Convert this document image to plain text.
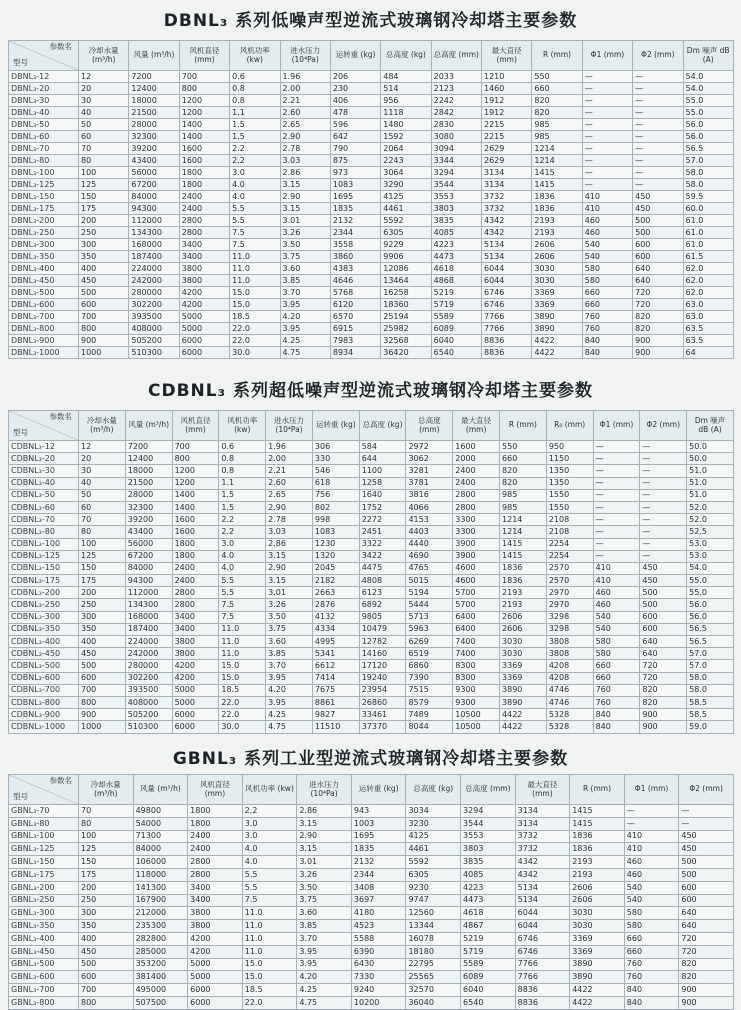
DBNL₃ 系列低噪声型逆流式玻璃钢冷却塔主要参数
参数名
型号	冷却水量 (m³/h)	风量 (m³/h)	风机直径 (mm)	风机功率 (kw)	进水压力 (10⁴Pa)	运转重 (kg)	总高度 (kg)	总高度 (mm)	最大直径 (mm)	R (mm)	Φ1 (mm)	Φ2 (mm)	Dm 噪声 dB (A)
DBNL₃-12	12	7200	700	0.6	1.96	206	484	2033	1210	550	—	—	54.0
DBNL₃-20	20	12400	800	0.8	2.00	230	514	2123	1460	660	—	—	54.0
DBNL₃-30	30	18000	1200	0.8	2.21	406	956	2242	1912	820	—	—	55.0
DBNL₃-40	40	21500	1200	1.1	2.60	478	1118	2842	1912	820	—	—	55.0
DBNL₃-50	50	28000	1400	1.5	2.65	596	1480	2830	2215	985	—	—	56.0
DBNL₃-60	60	32300	1400	1.5	2.90	642	1592	3080	2215	985	—	—	56.0
DBNL₃-70	70	39200	1600	2.2	2.78	790	2064	3094	2629	1214	—	—	56.5
DBNL₃-80	80	43400	1600	2.2	3.03	875	2243	3344	2629	1214	—	—	57.0
DBNL₃-100	100	56000	1800	3.0	2.86	973	3064	3294	3134	1415	—	—	58.0
DBNL₃-125	125	67200	1800	4.0	3.15	1083	3290	3544	3134	1415	—	—	58.0
DBNL₃-150	150	84000	2400	4.0	2.90	1695	4125	3553	3732	1836	410	450	59.5
DBNL₃-175	175	94300	2400	5.5	3.15	1835	4461	3803	3732	1836	410	450	60.0
DBNL₃-200	200	112000	2800	5.5	3.01	2132	5592	3835	4342	2193	460	500	61.0
DBNL₃-250	250	134300	2800	7.5	3.26	2344	6305	4085	4342	2193	460	500	61.0
DBNL₃-300	300	168000	3400	7.5	3.50	3558	9229	4223	5134	2606	540	600	61.0
DBNL₃-350	350	187400	3400	11.0	3.75	3860	9906	4473	5134	2606	540	600	61.5
DBNL₃-400	400	224000	3800	11.0	3.60	4383	12086	4618	6044	3030	580	640	62.0
DBNL₃-450	450	242000	3800	11.0	3.85	4646	13464	4868	6044	3030	580	640	62.0
DBNL₃-500	500	280000	4200	15.0	3.70	5768	16258	5219	6746	3369	660	720	62.0
DBNL₃-600	600	302200	4200	15.0	3.95	6120	18360	5719	6746	3369	660	720	63.0
DBNL₃-700	700	393500	5000	18.5	4.20	6570	25194	5589	7766	3890	760	820	63.0
DBNL₃-800	800	408000	5000	22.0	3.95	6915	25982	6089	7766	3890	760	820	63.5
DBNL₃-900	900	505200	6000	22.0	4.25	7983	32568	6040	8836	4422	840	900	63.5
DBNL₃-1000	1000	510300	6000	30.0	4.75	8934	36420	6540	8836	4422	840	900	64
CDBNL₃ 系列超低噪声型逆流式玻璃钢冷却塔主要参数
参数名
型号	冷却水量 (m³/h)	风量 (m³/h)	风机直径 (mm)	风机功率 (kw)	进水压力 (10⁴Pa)	运转重 (kg)	总高度 (kg)	总高度 (mm)	最大直径 (mm)	R (mm)	R₀ (mm)	Φ1 (mm)	Φ2 (mm)	Dm 噪声 dB (A)
CDBNL₃-12	12	7200	700	0.6	1.96	306	584	2972	1600	550	950	—	—	50.0
CDBNL₃-20	20	12400	800	0.8	2.00	330	644	3062	2000	660	1150	—	—	50.0
CDBNL₃-30	30	18000	1200	0.8	2.21	546	1100	3281	2400	820	1350	—	—	51.0
CDBNL₃-40	40	21500	1200	1.1	2.60	618	1258	3781	2400	820	1350	—	—	51.0
CDBNL₃-50	50	28000	1400	1.5	2.65	756	1640	3816	2800	985	1550	—	—	51.0
CDBNL₃-60	60	32300	1400	1.5	2.90	802	1752	4066	2800	985	1550	—	—	52.0
CDBNL₃-70	70	39200	1600	2.2	2.78	998	2272	4153	3300	1214	2108	—	—	52.0
CDBNL₃-80	80	43400	1600	2.2	3.03	1083	2451	4403	3300	1214	2108	—	—	52.5
CDBNL₃-100	100	56000	1800	3.0	2.86	1230	3322	4440	3900	1415	2254	—	—	53.0
CDBNL₃-125	125	67200	1800	4.0	3.15	1320	3422	4690	3900	1415	2254	—	—	53.0
CDBNL₃-150	150	84000	2400	4.0	2.90	2045	4475	4765	4600	1836	2570	410	450	54.0
CDBNL₃-175	175	94300	2400	5.5	3.15	2182	4808	5015	4600	1836	2570	410	450	55.0
CDBNL₃-200	200	112000	2800	5.5	3.01	2663	6123	5194	5700	2193	2970	460	500	55.0
CDBNL₃-250	250	134300	2800	7.5	3.26	2876	6892	5444	5700	2193	2970	460	500	56.0
CDBNL₃-300	300	168000	3400	7.5	3.50	4132	9805	5713	6400	2606	3298	540	600	56.0
CDBNL₃-350	350	187400	3400	11.0	3.75	4334	10479	5963	6400	2606	3298	540	600	56.5
CDBNL₃-400	400	224000	3800	11.0	3.60	4995	12782	6269	7400	3030	3808	580	640	56.5
CDBNL₃-450	450	242000	3800	11.0	3.85	5341	14160	6519	7400	3030	3808	580	640	57.0
CDBNL₃-500	500	280000	4200	15.0	3.70	6612	17120	6860	8300	3369	4208	660	720	57.0
CDBNL₃-600	600	302200	4200	15.0	3.95	7414	19240	7390	8300	3369	4208	660	720	58.0
CDBNL₃-700	700	393500	5000	18.5	4.20	7675	23954	7515	9300	3890	4746	760	820	58.0
CDBNL₃-800	800	408000	5000	22.0	3.95	8861	26860	8579	9300	3890	4746	760	820	58.5
CDBNL₃-900	900	505200	6000	22.0	4.25	9827	33461	7489	10500	4422	5328	840	900	58.5
CDBNL₃-1000	1000	510300	6000	30.0	4.75	11510	37370	8044	10500	4422	5328	840	900	59.0
GBNL₃ 系列工业型逆流式玻璃钢冷却塔主要参数
参数名
型号	冷却水量 (m³/h)	风量 (m³/h)	风机直径 (mm)	风机功率 (kw)	进水压力 (10⁴Pa)	运转重 (kg)	总高度 (kg)	总高度 (mm)	最大直径 (mm)	R (mm)	Φ1 (mm)	Φ2 (mm)
GBNL₃-70	70	49800	1800	2.2	2.86	943	3034	3294	3134	1415	—	—
GBNL₃-80	80	54000	1800	3.0	3.15	1003	3230	3544	3134	1415	—	—
GBNL₃-100	100	71300	2400	3.0	2.90	1695	4125	3553	3732	1836	410	450
GBNL₃-125	125	84000	2400	4.0	3.15	1835	4461	3803	3732	1836	410	450
GBNL₃-150	150	106000	2800	4.0	3.01	2132	5592	3835	4342	2193	460	500
GBNL₃-175	175	118000	2800	5.5	3.26	2344	6305	4085	4342	2193	460	500
GBNL₃-200	200	141300	3400	5.5	3.50	3408	9230	4223	5134	2606	540	600
GBNL₃-250	250	167900	3400	7.5	3.75	3697	9747	4473	5134	2606	540	600
GBNL₃-300	300	212000	3800	11.0	3.60	4180	12560	4618	6044	3030	580	640
GBNL₃-350	350	235300	3800	11.0	3.85	4523	13344	4867	6044	3030	580	640
GBNL₃-400	400	282800	4200	11.0	3.70	5588	16078	5219	6746	3369	660	720
GBNL₃-450	450	285000	4200	11.0	3.95	6390	18180	5719	6746	3369	660	720
GBNL₃-500	500	353200	5000	15.0	3.95	6430	22795	5589	7766	3890	760	820
GBNL₃-600	600	381400	5000	15.0	4.20	7330	25565	6089	7766	3890	760	820
GBNL₃-700	700	495000	6000	18.5	4.25	9240	32570	6040	8836	4422	840	900
GBNL₃-800	800	507500	6000	22.0	4.75	10200	36040	6540	8836	4422	840	900
